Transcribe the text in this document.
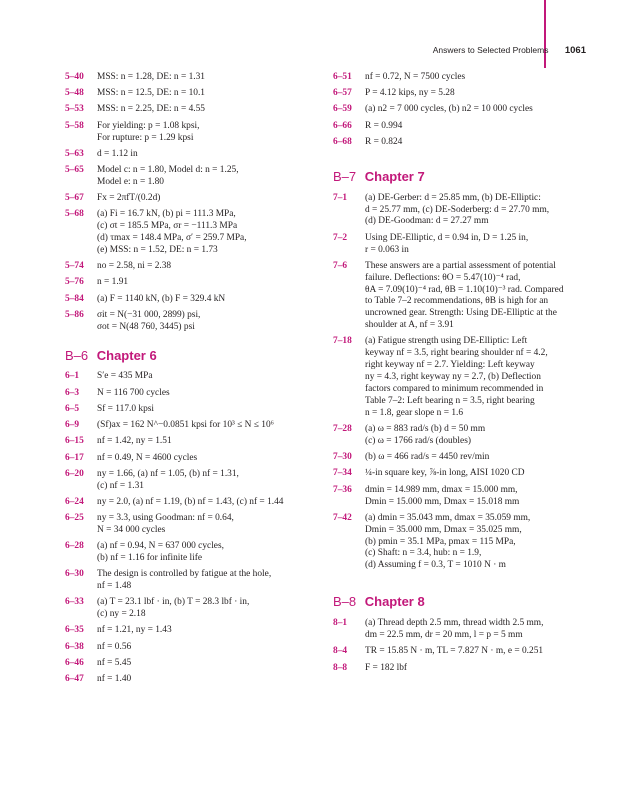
Answers to Selected Problems 1061
5–40 MSS: n = 1.28, DE: n = 1.31
5–48 MSS: n = 12.5, DE: n = 10.1
5–53 MSS: n = 2.25, DE: n = 4.55
5–58 For yielding: p = 1.08 kpsi,
For rupture: p = 1.29 kpsi
5–63 d = 1.12 in
5–65 Model c: n = 1.80, Model d: n = 1.25,
Model e: n = 1.80
5–67 Fx = 2πfT/(0.2d)
5–68 (a) Fi = 16.7 kN, (b) pi = 111.3 MPa,
(c) σt = 185.5 MPa, σr = −111.3 MPa
(d) τmax = 148.4 MPa, σ′ = 259.7 MPa,
(e) MSS: n = 1.52, DE: n = 1.73
5–74 no = 2.58, ni = 2.38
5–76 n = 1.91
5–84 (a) F = 1140 kN, (b) F = 329.4 kN
5–86 σit = N(−31 000, 2899) psi,
σot = N(48 760, 3445) psi
B–6 Chapter 6
6–1 S′e = 435 MPa
6–3 N = 116 700 cycles
6–5 Sf = 117.0 kpsi
6–9 (Sf)ax = 162 N^−0.0851 kpsi for 10³ ≤ N ≤ 10⁶
6–15 nf = 1.42, ny = 1.51
6–17 nf = 0.49, N = 4600 cycles
6–20 ny = 1.66, (a) nf = 1.05, (b) nf = 1.31,
(c) nf = 1.31
6–24 ny = 2.0, (a) nf = 1.19, (b) nf = 1.43, (c) nf = 1.44
6–25 ny = 3.3, using Goodman: nf = 0.64,
N = 34 000 cycles
6–28 (a) nf = 0.94, N = 637 000 cycles,
(b) nf = 1.16 for infinite life
6–30 The design is controlled by fatigue at the hole,
nf = 1.48
6–33 (a) T = 23.1 lbf · in, (b) T = 28.3 lbf · in,
(c) ny = 2.18
6–35 nf = 1.21, ny = 1.43
6–38 nf = 0.56
6–46 nf = 5.45
6–47 nf = 1.40
6–51 nf = 0.72, N = 7500 cycles
6–57 P = 4.12 kips, ny = 5.28
6–59 (a) n2 = 7 000 cycles, (b) n2 = 10 000 cycles
6–66 R = 0.994
6–68 R = 0.824
B–7 Chapter 7
7–1 (a) DE-Gerber: d = 25.85 mm, (b) DE-Elliptic:
d = 25.77 mm, (c) DE-Soderberg: d = 27.70 mm,
(d) DE-Goodman: d = 27.27 mm
7–2 Using DE-Elliptic, d = 0.94 in, D = 1.25 in,
r = 0.063 in
7–6 These answers are a partial assessment of potential
failure. Deflections: θO = 5.47(10)⁻⁴ rad,
θA = 7.09(10)⁻⁴ rad, θB = 1.10(10)⁻³ rad. Compared
to Table 7–2 recommendations, θB is high for an
uncrowned gear. Strength: Using DE-Elliptic at the
shoulder at A, nf = 3.91
7–18 (a) Fatigue strength using DE-Elliptic: Left
keyway nf = 3.5, right bearing shoulder nf = 4.2,
right keyway nf = 2.7. Yielding: Left keyway
ny = 4.3, right keyway ny = 2.7, (b) Deflection
factors compared to minimum recommended in
Table 7–2: Left bearing n = 3.5, right bearing
n = 1.8, gear slope n = 1.6
7–28 (a) ω = 883 rad/s (b) d = 50 mm
(c) ω = 1766 rad/s (doubles)
7–30 (b) ω = 466 rad/s = 4450 rev/min
7–34 ¼-in square key, ⅞-in long, AISI 1020 CD
7–36 dmin = 14.989 mm, dmax = 15.000 mm,
Dmin = 15.000 mm, Dmax = 15.018 mm
7–42 (a) dmin = 35.043 mm, dmax = 35.059 mm,
Dmin = 35.000 mm, Dmax = 35.025 mm,
(b) pmin = 35.1 MPa, pmax = 115 MPa,
(c) Shaft: n = 3.4, hub: n = 1.9,
(d) Assuming f = 0.3, T = 1010 N · m
B–8 Chapter 8
8–1 (a) Thread depth 2.5 mm, thread width 2.5 mm,
dm = 22.5 mm, dr = 20 mm, l = p = 5 mm
8–4 TR = 15.85 N · m, TL = 7.827 N · m, e = 0.251
8–8 F = 182 lbf
